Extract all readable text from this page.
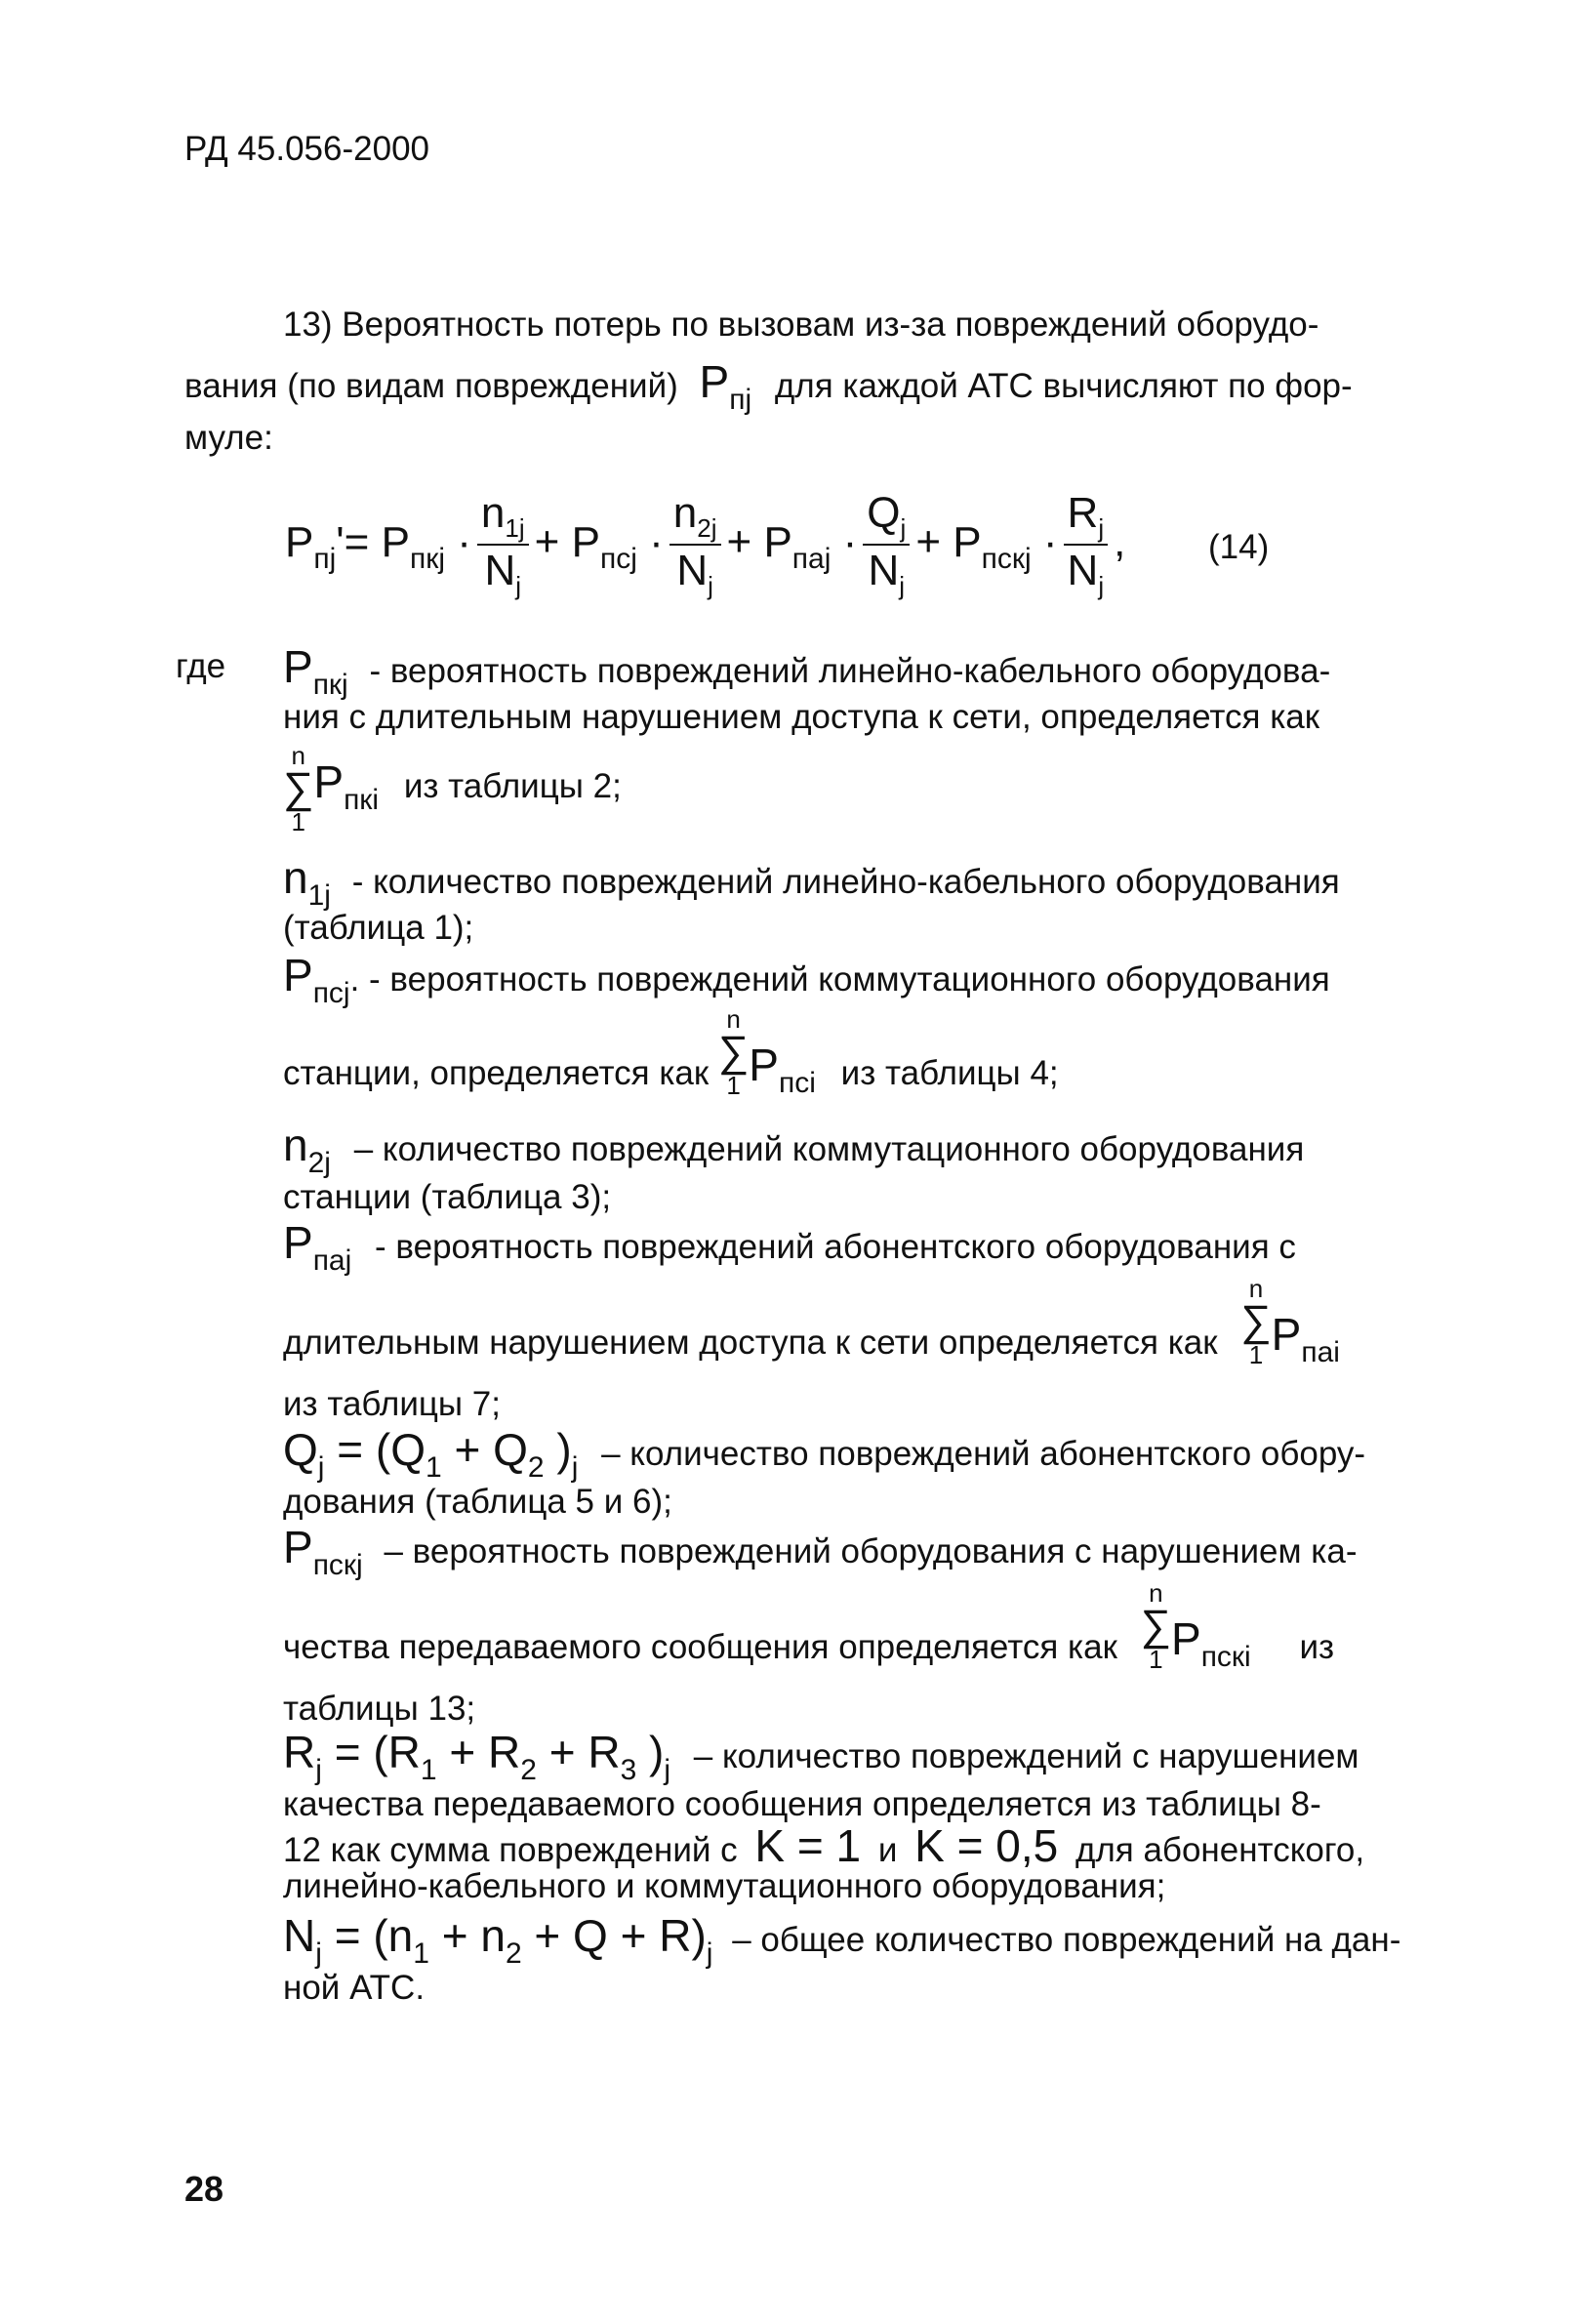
РД 45.056-2000
13) Вероятность потерь по вызовам из-за повреждений оборудо-
вания (по видам повреждений) $P_{пj}$ для каждой АТС вычисляют по фор-
муле:
$P_{пj}'= P_{пкj} \cdot \frac{n_{1j}}{N_j} + P_{пcj} \cdot \frac{n_{2j}}{N_j} + P_{паj} \cdot \frac{Q_j}{N_j} + P_{пскj} \cdot \frac{R_j}{N_j}$ , (14)
где $P_{пкj}$ - вероятность повреждений линейно-кабельного оборудова-
ния с длительным нарушением доступа к сети, определяется как
n
∑
$1P_{пкi}$ из таблицы 2;
$n_{1j}$ - количество повреждений линейно-кабельного оборудования
(таблица 1);
$P_{пcj}$. - вероятность повреждений коммутационного оборудования
станции, определяется как n
∑
1 $P_{пci}$ из таблицы 4;
$n_{2j}$ – количество повреждений коммутационного оборудования
станции (таблица 3);
$P_{паj}$ - вероятность повреждений абонентского оборудования с
длительным нарушением доступа к сети определяется как n
∑
1 $P_{паi}$
из таблицы 7;
$Q_j = (Q_1 + Q_2$ )$_j$ – количество повреждений абонентского обору-
дования (таблица 5 и 6);
$P_{пскj}$ – вероятность повреждений оборудования с нарушением ка-
чества передаваемого сообщения определяется как n
∑
1 $P_{пскi}$ из
таблицы 13;
$R_j = (R_1 + R_2 + R_3$ )$_j$ – количество повреждений с нарушением
качества передаваемого сообщения определяется из таблицы 8-
12 как сумма повреждений с K = 1 и K = 0,5 для абонентского,
линейно-кабельного и коммутационного оборудования;
$N_j = (n_1 + n_2 + Q + R)_j$ – общее количество повреждений на дан-
ной АТС.
28
